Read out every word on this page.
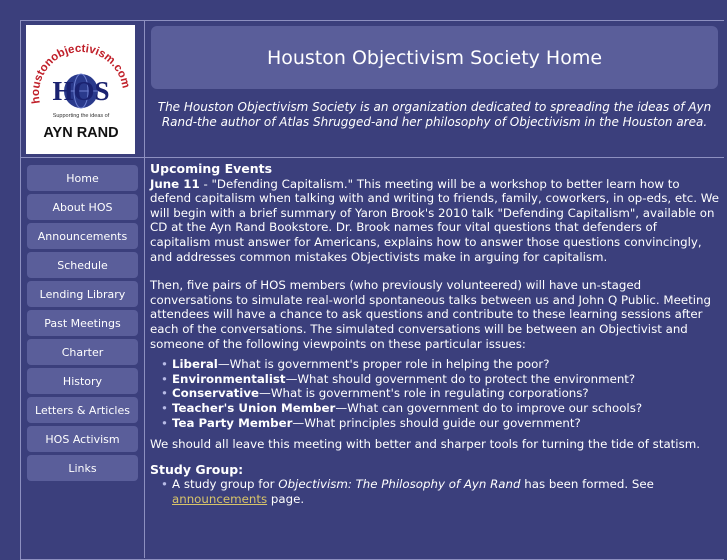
houstonobjectivism.com
HOS
Supporting the ideas of
AYN RAND
Houston Objectivism Society Home
The Houston Objectivism Society is an organization dedicated to spreading the ideas of Ayn Rand-the author of Atlas Shrugged-and her philosophy of Objectivism in the Houston area.
Home
About HOS
Announcements
Schedule
Lending Library
Past Meetings
Charter
History
Letters & Articles
HOS Activism
Links

Upcoming Events

June 11 - "Defending Capitalism." This meeting will be a workshop to better learn how to defend capitalism when talking with and writing to friends, family, coworkers, in op-eds, etc. We will begin with a brief summary of Yaron Brook's 2010 talk "Defending Capitalism", available on CD at the Ayn Rand Bookstore. Dr. Brook names four vital questions that defenders of capitalism must answer for Americans, explains how to answer those questions convincingly, and addresses common mistakes Objectivists make in arguing for capitalism.

Then, five pairs of HOS members (who previously volunteered) will have un-staged conversations to simulate real-world spontaneous talks between us and John Q Public. Meeting attendees will have a chance to ask questions and contribute to these learning sessions after each of the conversations. The simulated conversations will be between an Objectivist and someone of the following viewpoints on these particular issues:

• Liberal—What is government's proper role in helping the poor?
• Environmentalist—What should government do to protect the environment?
• Conservative—What is government's role in regulating corporations?
• Teacher's Union Member—What can government do to improve our schools?
• Tea Party Member—What principles should guide our government?

We should all leave this meeting with better and sharper tools for turning the tide of statism.

Study Group:

• A study group for Objectivism: The Philosophy of Ayn Rand has been formed. See announcements page.
